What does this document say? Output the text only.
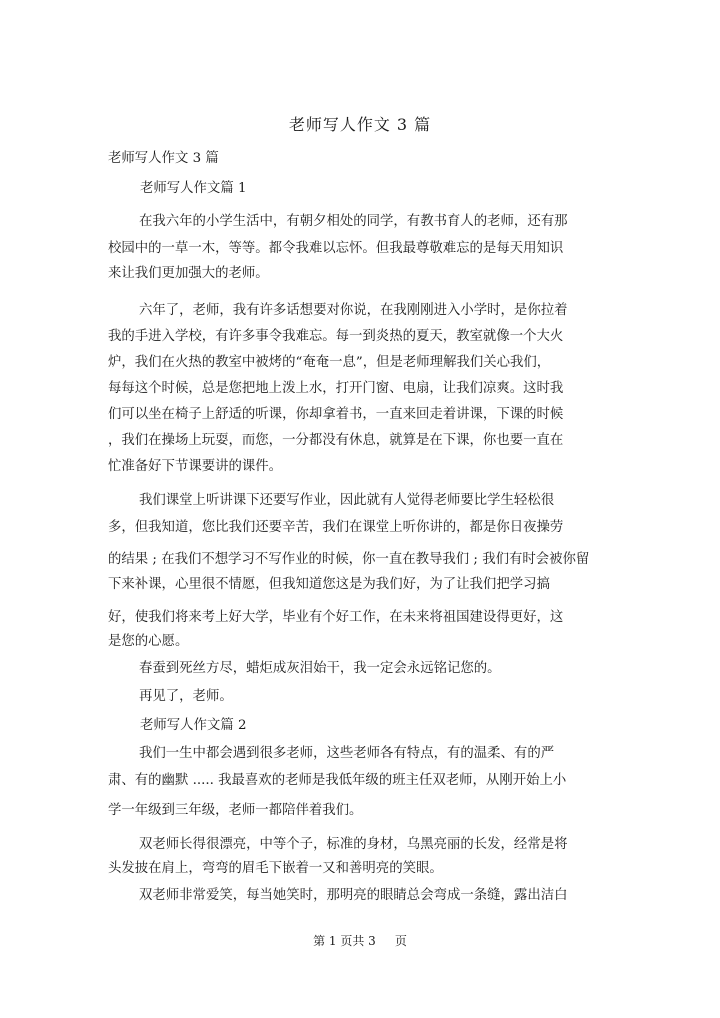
老师写人作文 3 篇
老师写人作文 3 篇
老师写人作文篇 1
在我六年的小学生活中，有朝夕相处的同学，有教书育人的老师，还有那
校园中的一草一木，等等。都令我难以忘怀。但我最尊敬难忘的是每天用知识
来让我们更加强大的老师。
六年了，老师，我有许多话想要对你说，在我刚刚进入小学时，是你拉着
我的手进入学校，有许多事令我难忘。每一到炎热的夏天，教室就像一个大火
炉，我们在火热的教室中被烤的“奄奄一息”，但是老师理解我们关心我们，
每每这个时候，总是您把地上泼上水，打开门窗、电扇，让我们凉爽。这时我
们可以坐在椅子上舒适的听课，你却拿着书，一直来回走着讲课，下课的时候
，我们在操场上玩耍，而您，一分都没有休息，就算是在下课，你也要一直在
忙准备好下节课要讲的课件。
我们课堂上听讲课下还要写作业，因此就有人觉得老师要比学生轻松很
多，但我知道，您比我们还要辛苦，我们在课堂上听你讲的，都是你日夜操劳
的结果 ; 在我们不想学习不写作业的时候，你一直在教导我们 ; 我们有时会被你留
下来补课，心里很不情愿，但我知道您这是为我们好，为了让我们把学习搞
好，使我们将来考上好大学，毕业有个好工作，在未来将祖国建设得更好，这
是您的心愿。
春蚕到死丝方尽，蜡炬成灰泪始干，我一定会永远铭记您的。
再见了，老师。
老师写人作文篇 2
我们一生中都会遇到很多老师，这些老师各有特点，有的温柔、有的严
肃、有的幽默 ..... 我最喜欢的老师是我低年级的班主任双老师，从刚开始上小
学一年级到三年级，老师一都陪伴着我们。
双老师长得很漂亮，中等个子，标准的身材，乌黑亮丽的长发，经常是将
头发披在肩上，弯弯的眉毛下嵌着一又和善明亮的笑眼。
双老师非常爱笑，每当她笑时，那明亮的眼睛总会弯成一条缝，露出洁白
第 1 页共 3     页
